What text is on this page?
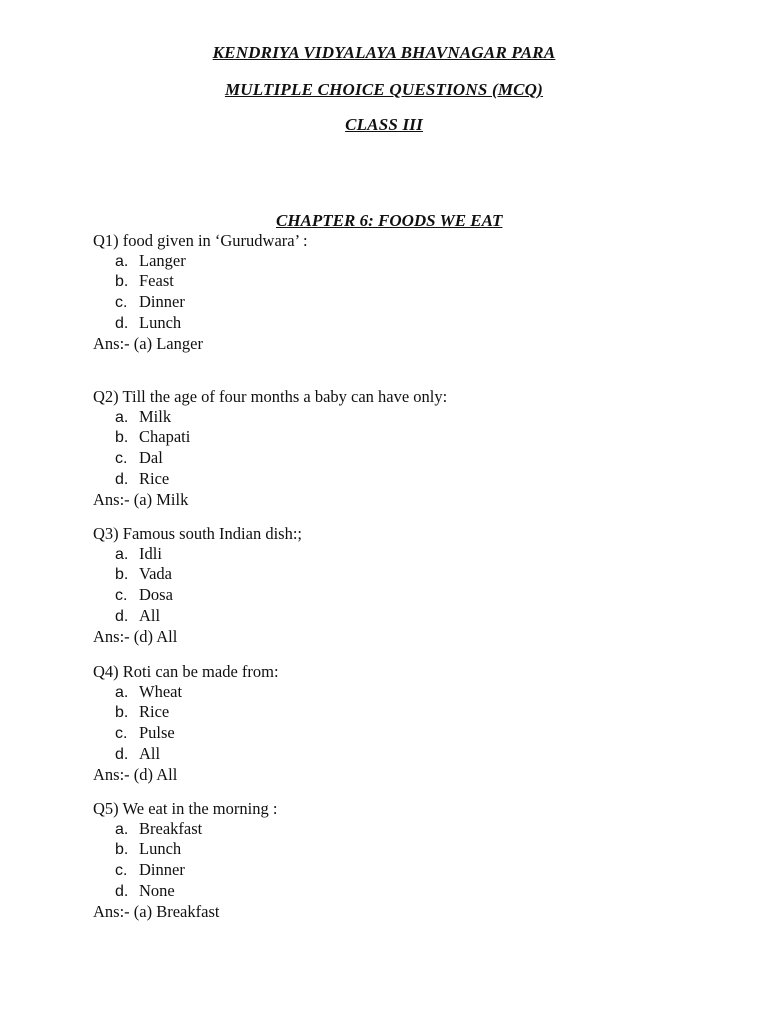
KENDRIYA VIDYALAYA BHAVNAGAR PARA
MULTIPLE CHOICE QUESTIONS (MCQ)
CLASS III
CHAPTER 6: FOODS WE EAT
Q1) food given in ‘Gurudwara’ :
a. Langer
b. Feast
c. Dinner
d. Lunch
Ans:- (a) Langer
Q2) Till the age of four months a baby can have only:
a. Milk
b. Chapati
c. Dal
d. Rice
Ans:- (a) Milk
Q3) Famous south Indian dish:;
a. Idli
b. Vada
c. Dosa
d. All
Ans:- (d) All
Q4) Roti can be made from:
a. Wheat
b. Rice
c. Pulse
d. All
Ans:- (d) All
Q5) We eat in the morning :
a. Breakfast
b. Lunch
c. Dinner
d. None
Ans:- (a) Breakfast
